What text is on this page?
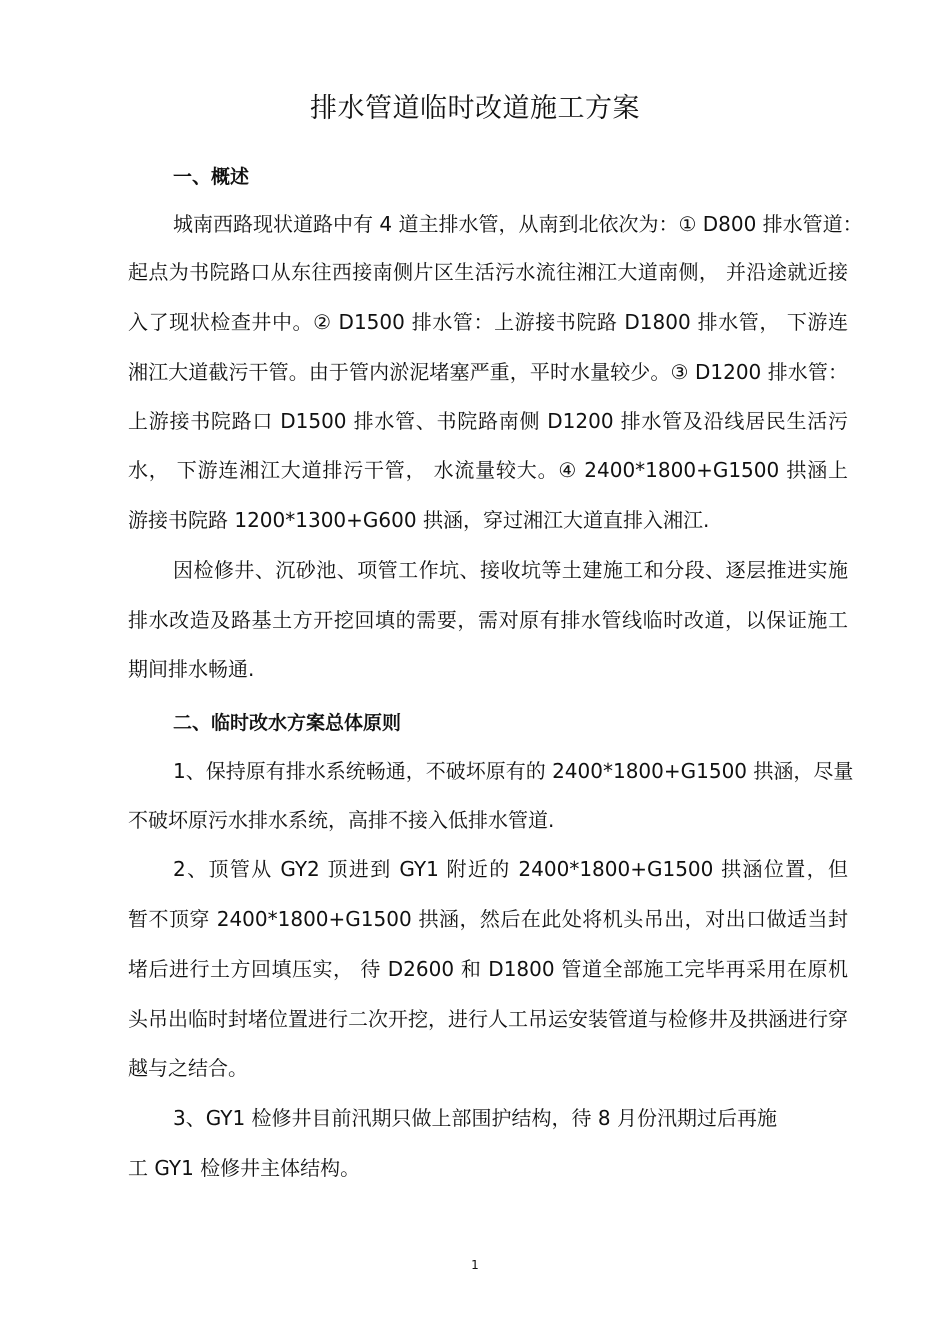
排水管道临时改道施工方案
一、概述
城南西路现状道路中有 4 道主排水管，从南到北依次为：① D800 排水管道：
起点为书院路口从东往西接南侧片区生活污水流往湘江大道南侧， 并沿途就近接
入了现状检查井中。② D1500 排水管：上游接书院路 D1800 排水管， 下游连
湘江大道截污干管。由于管内淤泥堵塞严重，平时水量较少。③ D1200 排水管：
上游接书院路口 D1500 排水管、书院路南侧 D1200 排水管及沿线居民生活污
水， 下游连湘江大道排污干管， 水流量较大。④ 2400*1800+G1500 拱涵上
游接书院路 1200*1300+G600 拱涵，穿过湘江大道直排入湘江.
因检修井、沉砂池、项管工作坑、接收坑等土建施工和分段、逐层推进实施
排水改造及路基土方开挖回填的需要，需对原有排水管线临时改道，以保证施工
期间排水畅通.
二、临时改水方案总体原则
1、保持原有排水系统畅通，不破坏原有的 2400*1800+G1500 拱涵，尽量
不破坏原污水排水系统，高排不接入低排水管道.
2、顶管从 GY2 顶进到 GY1 附近的 2400*1800+G1500 拱涵位置，但
暂不顶穿 2400*1800+G1500 拱涵，然后在此处将机头吊出，对出口做适当封
堵后进行土方回填压实， 待 D2600 和 D1800 管道全部施工完毕再采用在原机
头吊出临时封堵位置进行二次开挖，进行人工吊运安装管道与检修井及拱涵进行穿
越与之结合。
3、GY1 检修井目前汛期只做上部围护结构，待 8 月份汛期过后再施
工 GY1 检修井主体结构。
1
